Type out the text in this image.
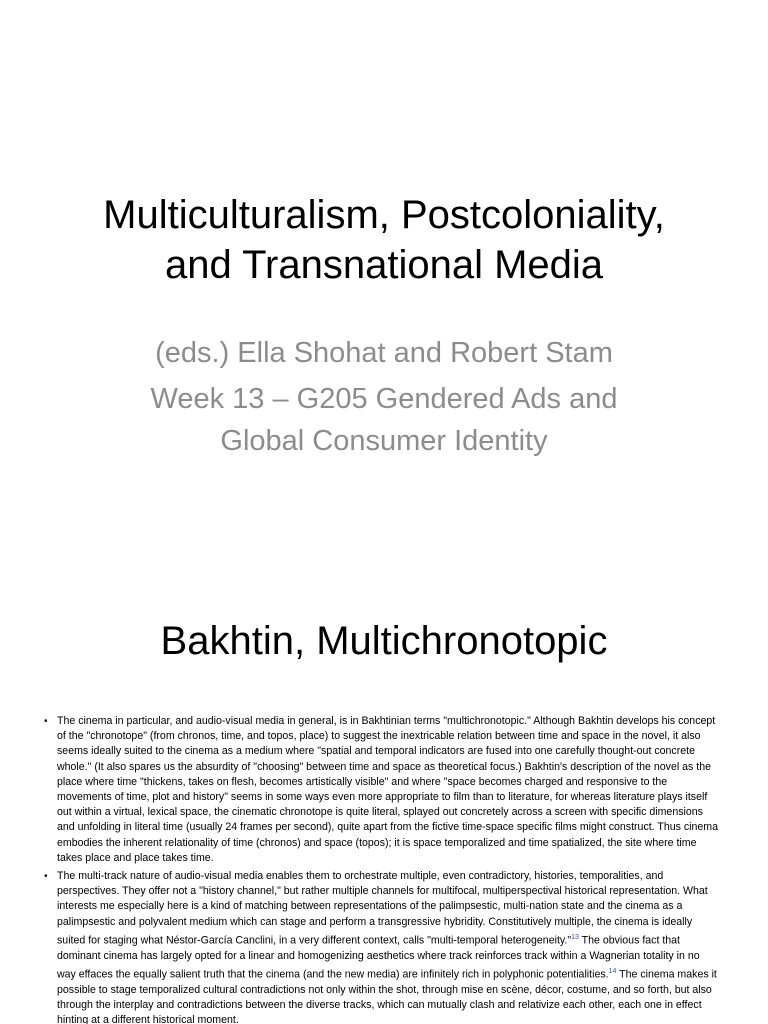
Multiculturalism, Postcoloniality,
and Transnational Media
(eds.) Ella Shohat and Robert Stam
Week 13 – G205 Gendered Ads and
Global Consumer Identity
Bakhtin, Multichronotopic
• The cinema in particular, and audio-visual media in general, is in Bakhtinian terms "multichronotopic." Although Bakhtin develops his concept of the "chronotope" (from chronos, time, and topos, place) to suggest the inextricable relation between time and space in the novel, it also seems ideally suited to the cinema as a medium where "spatial and temporal indicators are fused into one carefully thought-out concrete whole." (It also spares us the absurdity of "choosing" between time and space as theoretical focus.) Bakhtin's description of the novel as the place where time "thickens, takes on flesh, becomes artistically visible" and where "space becomes charged and responsive to the movements of time, plot and history" seems in some ways even more appropriate to film than to literature, for whereas literature plays itself out within a virtual, lexical space, the cinematic chronotope is quite literal, splayed out concretely across a screen with specific dimensions and unfolding in literal time (usually 24 frames per second), quite apart from the fictive time-space specific films might construct. Thus cinema embodies the inherent relationality of time (chronos) and space (topos); it is space temporalized and time spatialized, the site where time takes place and place takes time.
• The multi-track nature of audio-visual media enables them to orchestrate multiple, even contradictory, histories, temporalities, and perspectives. They offer not a "history channel," but rather multiple channels for multifocal, multiperspectival historical representation. What interests me especially here is a kind of matching between representations of the palimpsestic, multi-nation state and the cinema as a palimpsestic and polyvalent medium which can stage and perform a transgressive hybridity. Constitutively multiple, the cinema is ideally suited for staging what Néstor-García Canclini, in a very different context, calls "multi-temporal heterogeneity."$^{13}$ The obvious fact that dominant cinema has largely opted for a linear and homogenizing aesthetics where track reinforces track within a Wagnerian totality in no way effaces the equally salient truth that the cinema (and the new media) are infinitely rich in polyphonic potentialities.$^{14}$ The cinema makes it possible to stage temporalized cultural contradictions not only within the shot, through mise en scène, décor, costume, and so forth, but also through the interplay and contradictions between the diverse tracks, which can mutually clash and relativize each other, each one in effect hinting at a different historical moment.
